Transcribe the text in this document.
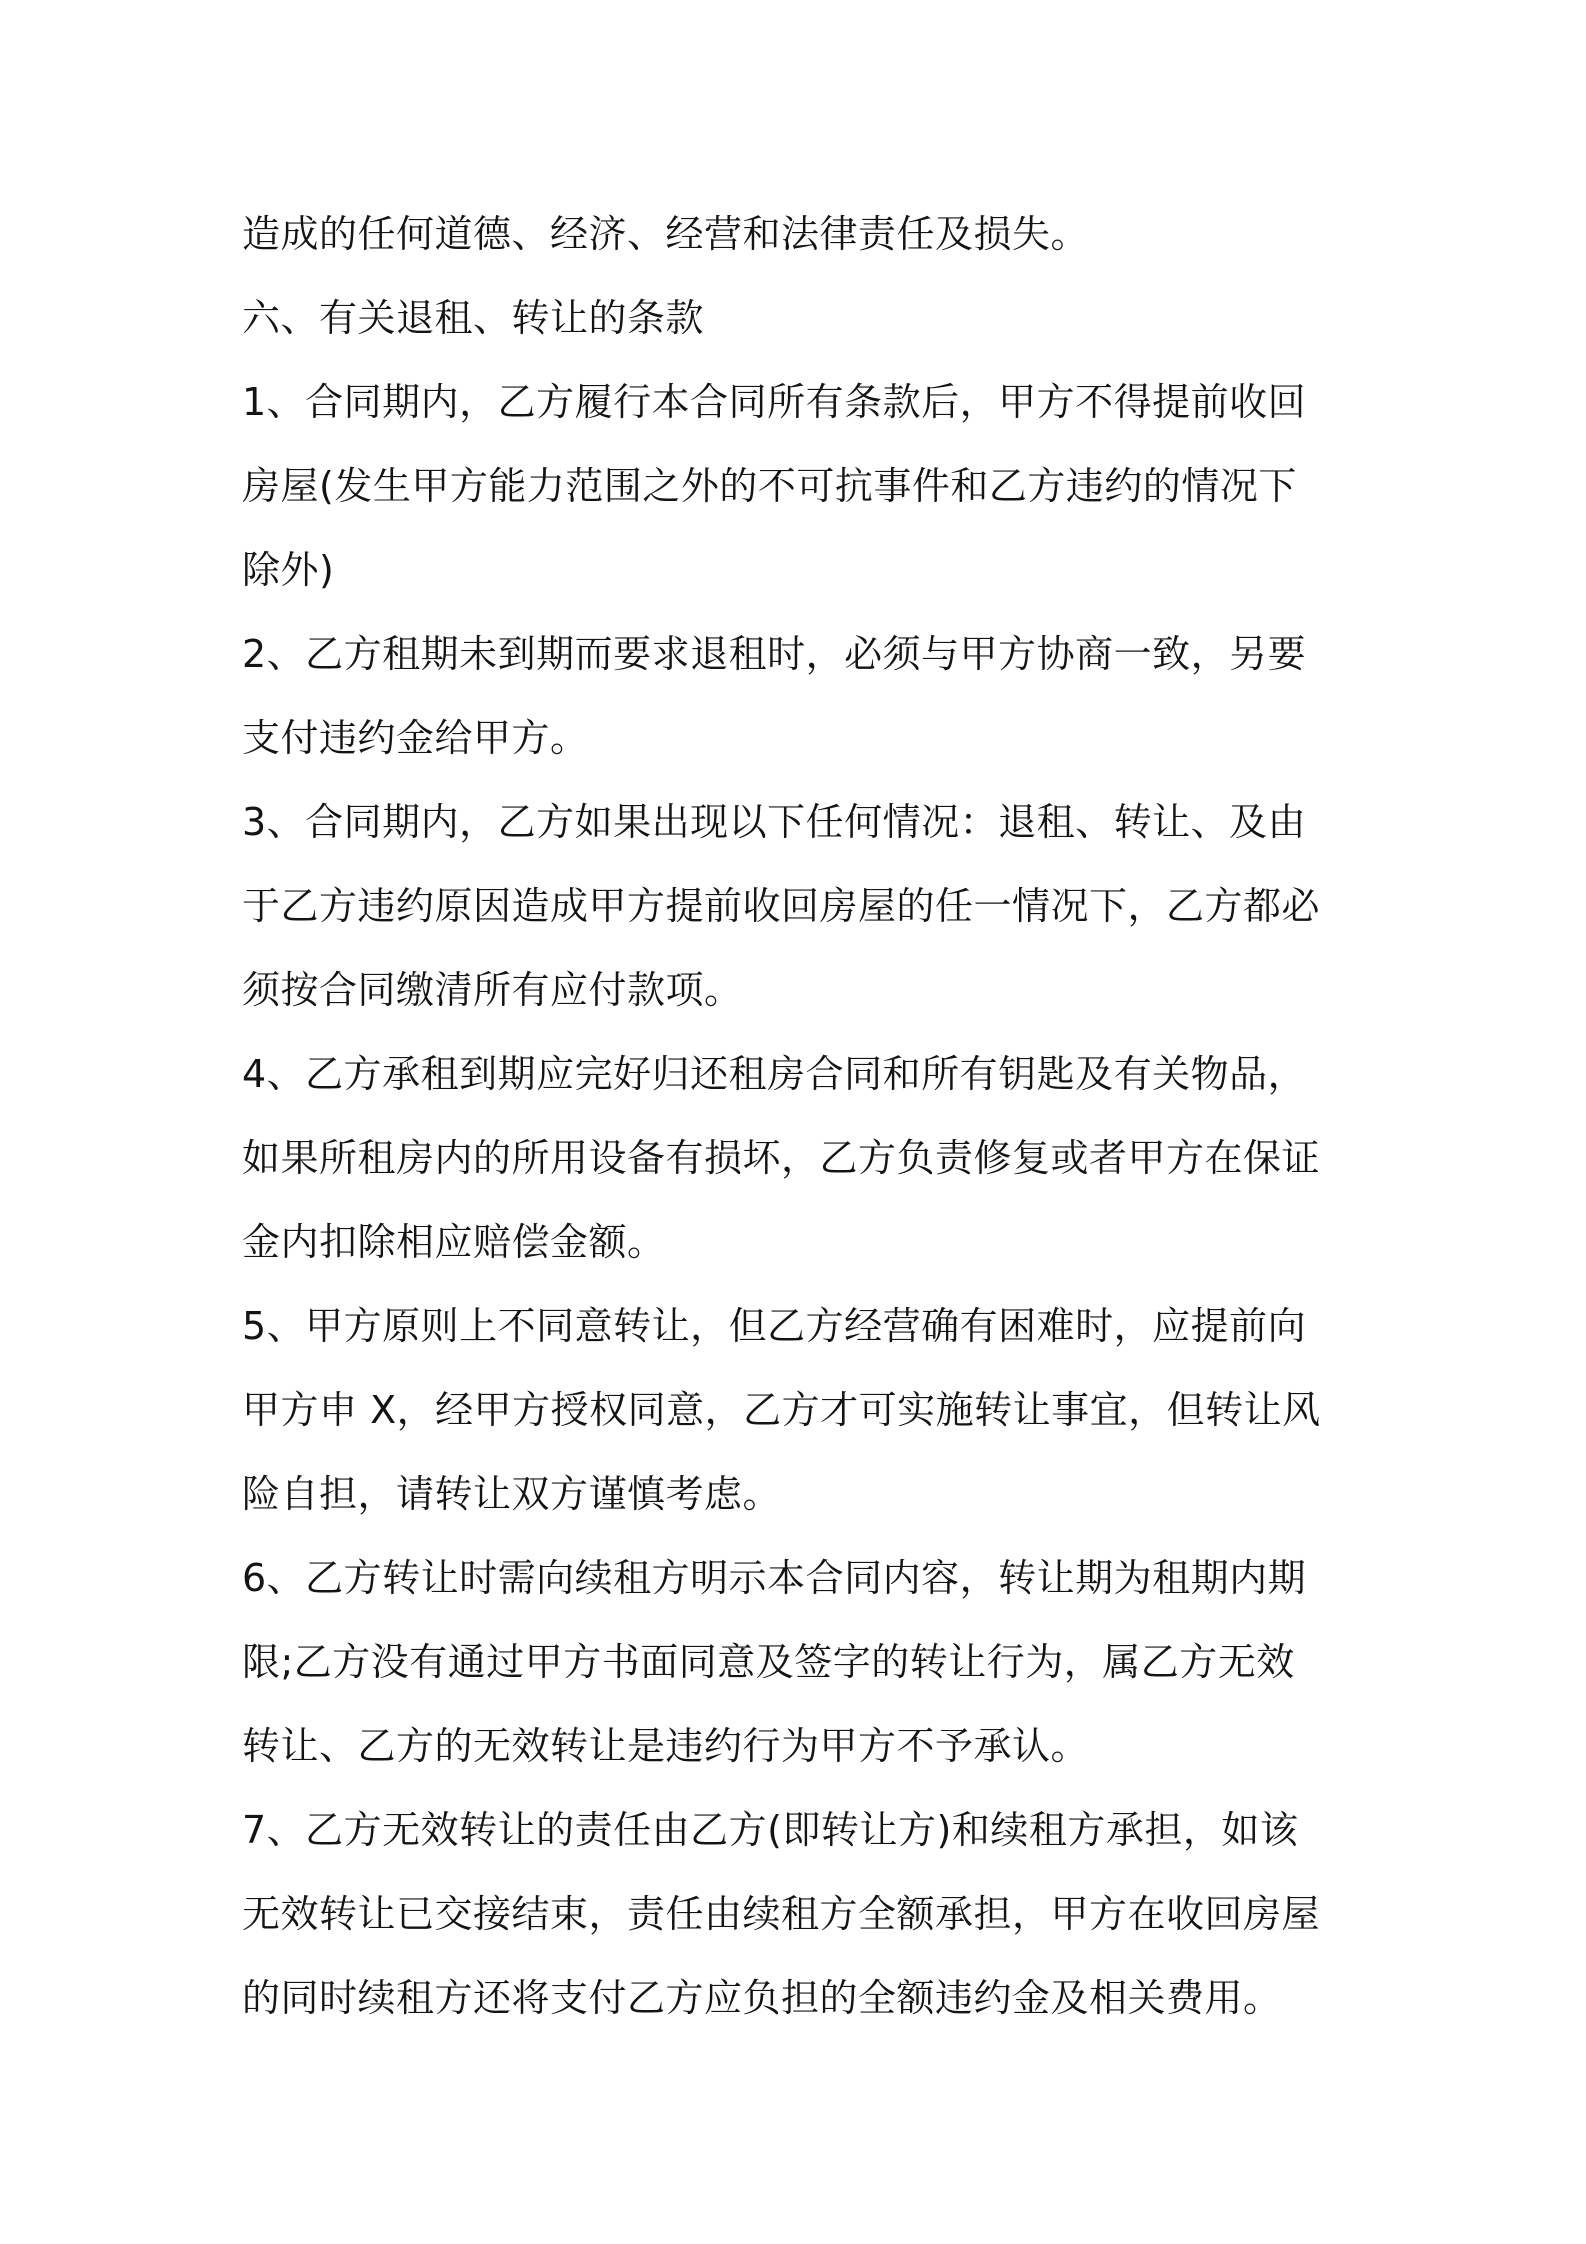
造成的任何道德、经济、经营和法律责任及损失。
六、有关退租、转让的条款
1、合同期内，乙方履行本合同所有条款后，甲方不得提前收回
房屋(发生甲方能力范围之外的不可抗事件和乙方违约的情况下
除外)
2、乙方租期未到期而要求退租时，必须与甲方协商一致，另要
支付违约金给甲方。
3、合同期内，乙方如果出现以下任何情况：退租、转让、及由
于乙方违约原因造成甲方提前收回房屋的任一情况下，乙方都必
须按合同缴清所有应付款项。
4、乙方承租到期应完好归还租房合同和所有钥匙及有关物品，
如果所租房内的所用设备有损坏，乙方负责修复或者甲方在保证
金内扣除相应赔偿金额。
5、甲方原则上不同意转让，但乙方经营确有困难时，应提前向
甲方申 X，经甲方授权同意，乙方才可实施转让事宜，但转让风
险自担，请转让双方谨慎考虑。
6、乙方转让时需向续租方明示本合同内容，转让期为租期内期
限;乙方没有通过甲方书面同意及签字的转让行为，属乙方无效
转让、乙方的无效转让是违约行为甲方不予承认。
7、乙方无效转让的责任由乙方(即转让方)和续租方承担，如该
无效转让已交接结束，责任由续租方全额承担，甲方在收回房屋
的同时续租方还将支付乙方应负担的全额违约金及相关费用。
